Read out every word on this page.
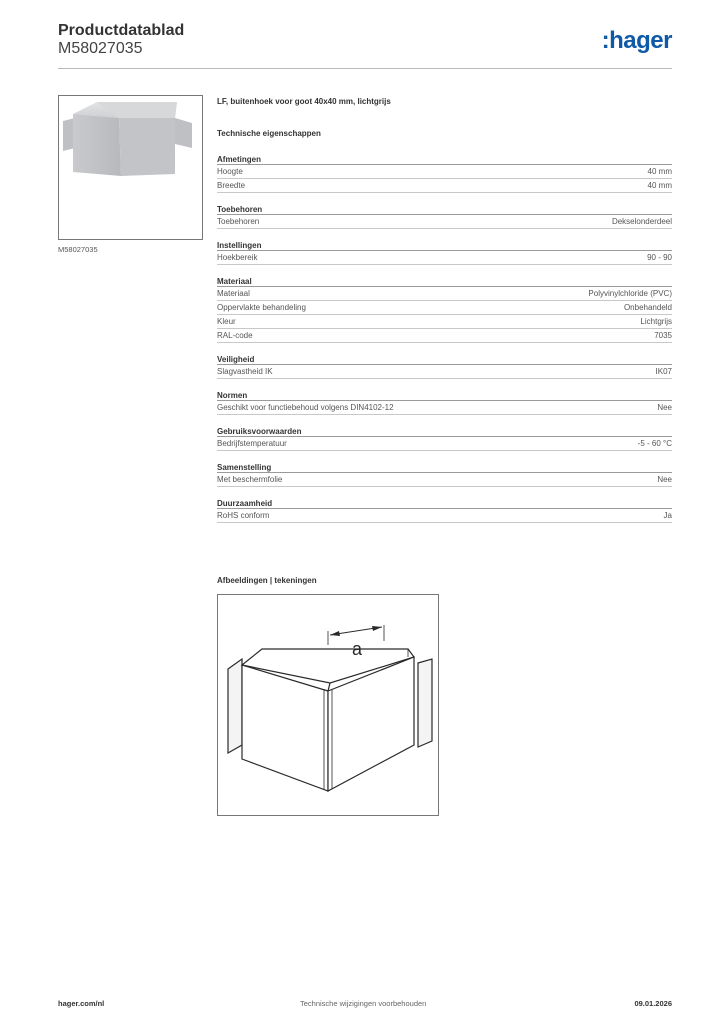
Productdatablad
M58027035	:hager
M58027035
LF, buitenhoek voor goot 40x40 mm, lichtgrijs
Technische eigenschappen
Afmetingen
Hoogte	40 mm
Breedte	40 mm
Toebehoren
Toebehoren	Dekselonderdeel
Instellingen
Hoekbereik	90 - 90
Materiaal
Materiaal	Polyvinylchloride (PVC)
Oppervlakte behandeling	Onbehandeld
Kleur	Lichtgrijs
RAL-code	7035
Veiligheid
Slagvastheid IK	IK07
Normen
Geschikt voor functiebehoud volgens DIN4102-12	Nee
Gebruiksvoorwaarden
Bedrijfstemperatuur	-5 - 60 °C
Samenstelling
Met beschermfolie	Nee
Duurzaamheid
RoHS conform	Ja
Afbeeldingen | tekeningen
a
hager.com/nl	Technische wijzigingen voorbehouden	09.01.2026
